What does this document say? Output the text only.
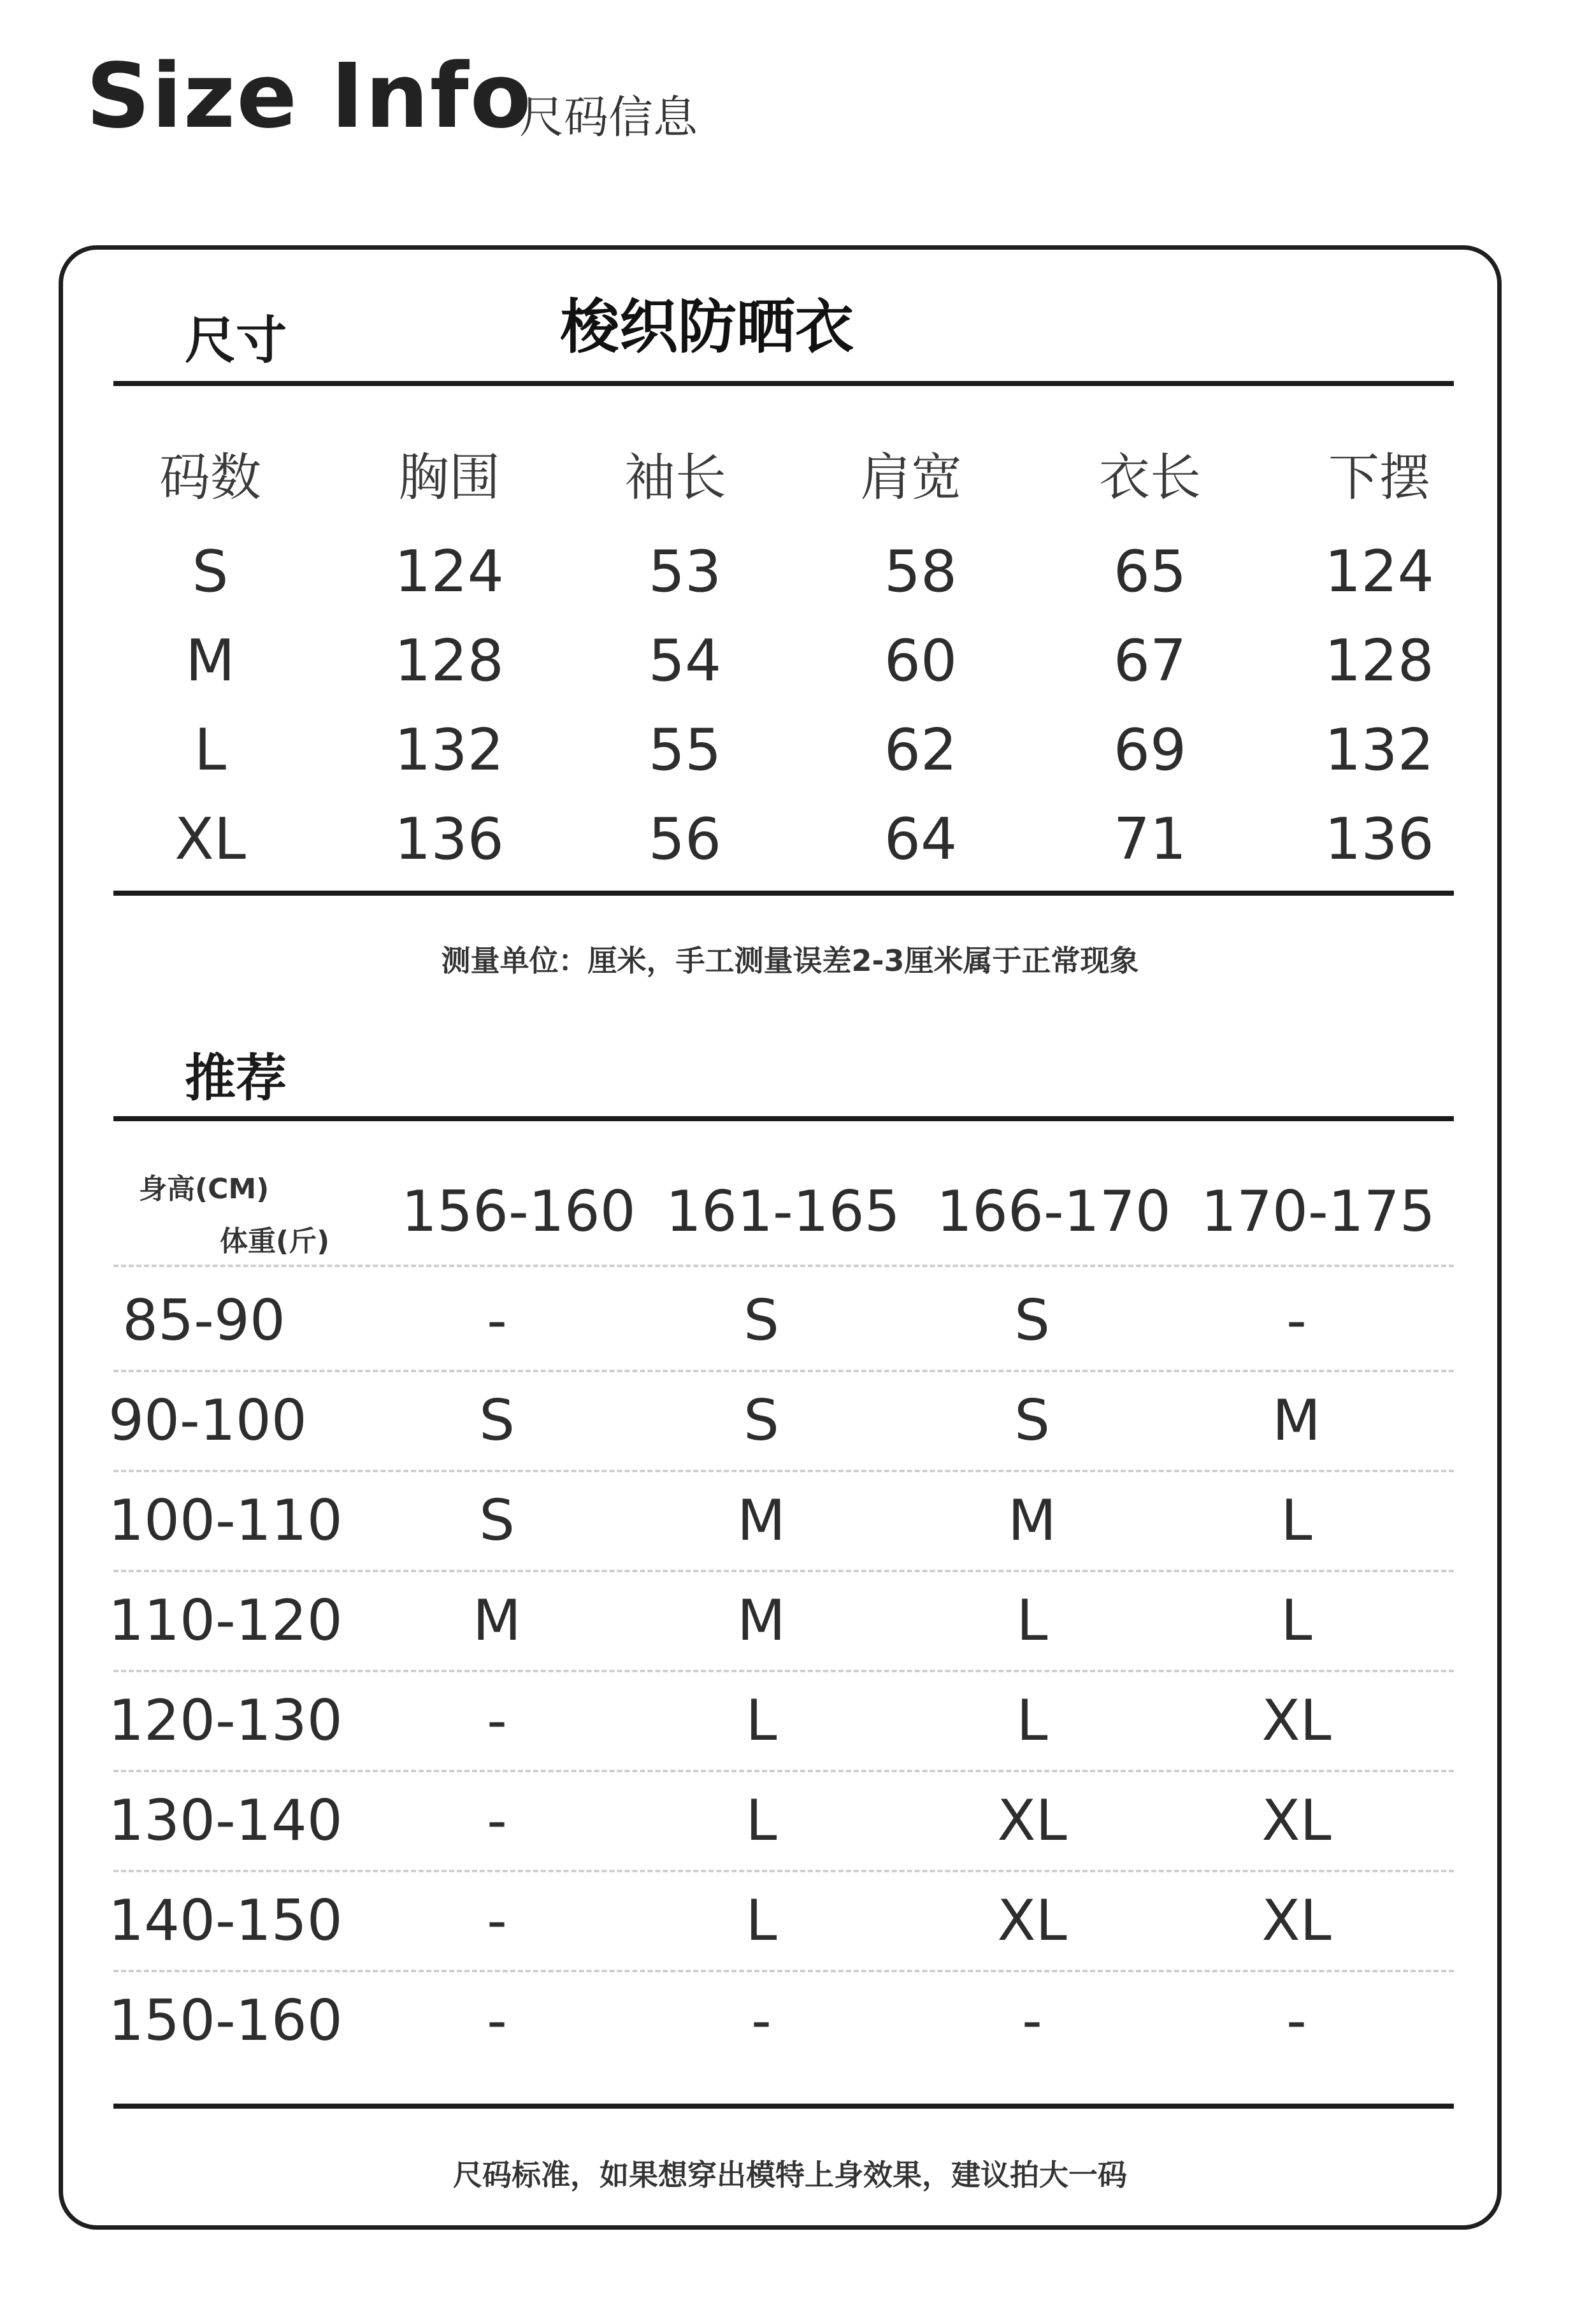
Size Info
尺码信息
尺寸	梭织防晒衣
码数	胸围	袖长	肩宽	衣长	下摆
S	124	53	58	65	124
M	128	54	60	67	128
L	132	55	62	69	132
XL	136	56	64	71	136
测量单位：厘米，手工测量误差2-3厘米属于正常现象
推荐
身高(CM)
体重(斤) 156-160 161-165 166-170 170-175
85-90	-	S	S	-
90-100	S	S	S	M
100-110	S	M	M	L
110-120	M	M	L	L
120-130	-	L	L	XL
130-140	-	L	XL	XL
140-150	-	L	XL	XL
150-160	-	-	-	-
尺码标准，如果想穿出模特上身效果，建议拍大一码
